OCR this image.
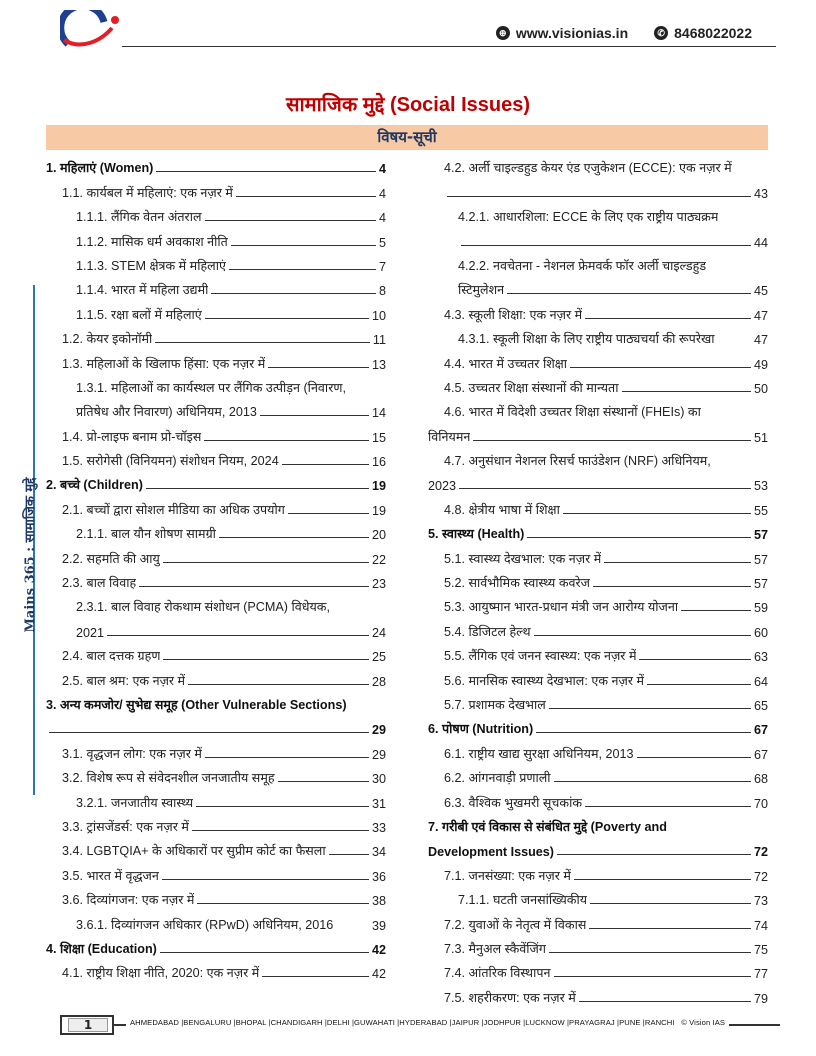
⊕ www.visionias.in	✆ 8468022022
सामाजिक मुद्दे (Social Issues)
विषय-सूची
Mains 365 : सामाजिक मुद्दे
1. महिलाएं (Women)	4
1.1. कार्यबल में महिलाएं: एक नज़र में	4
1.1.1. लैंगिक वेतन अंतराल	4
1.1.2. मासिक धर्म अवकाश नीति	5
1.1.3. STEM क्षेत्रक में महिलाएं	7
1.1.4. भारत में महिला उद्यमी	8
1.1.5. रक्षा बलों में महिलाएं	10
1.2. केयर इकोनॉमी	11
1.3. महिलाओं के खिलाफ हिंसा: एक नज़र में	13
1.3.1. महिलाओं का कार्यस्थल पर लैंगिक उत्पीड़न (निवारण,
प्रतिषेध और निवारण) अधिनियम, 2013	14
1.4. प्रो-लाइफ बनाम प्रो-चॉइस	15
1.5. सरोगेसी (विनियमन) संशोधन नियम, 2024	16
2. बच्चे (Children)	19
2.1. बच्चों द्वारा सोशल मीडिया का अधिक उपयोग	19
2.1.1. बाल यौन शोषण सामग्री	20
2.2. सहमति की आयु	22
2.3. बाल विवाह	23
2.3.1. बाल विवाह रोकथाम संशोधन (PCMA) विधेयक,
2021	24
2.4. बाल दत्तक ग्रहण	25
2.5. बाल श्रम: एक नज़र में	28
3. अन्य कमजोर/ सुभेद्य समूह (Other Vulnerable Sections)
29
3.1. वृद्धजन लोग: एक नज़र में	29
3.2. विशेष रूप से संवेदनशील जनजातीय समूह	30
3.2.1. जनजातीय स्वास्थ्य	31
3.3. ट्रांसजेंडर्स: एक नज़र में	33
3.4. LGBTQIA+ के अधिकारों पर सुप्रीम कोर्ट का फैसला	34
3.5. भारत में वृद्धजन	36
3.6. दिव्यांगजन: एक नज़र में	38
3.6.1. दिव्यांगजन अधिकार (RPwD) अधिनियम, 2016	39
4. शिक्षा (Education)	42
4.1. राष्ट्रीय शिक्षा नीति, 2020: एक नज़र में	42
4.2. अर्ली चाइल्डहुड केयर एंड एजुकेशन (ECCE): एक नज़र में
43
4.2.1. आधारशिला: ECCE के लिए एक राष्ट्रीय पाठ्यक्रम
44
4.2.2. नवचेतना - नेशनल फ्रेमवर्क फॉर अर्ली चाइल्डहुड
स्टिमुलेशन	45
4.3. स्कूली शिक्षा: एक नज़र में	47
4.3.1. स्कूली शिक्षा के लिए राष्ट्रीय पाठ्यचर्या की रूपरेखा	47
4.4. भारत में उच्चतर शिक्षा	49
4.5. उच्चतर शिक्षा संस्थानों की मान्यता	50
4.6. भारत में विदेशी उच्चतर शिक्षा संस्थानों (FHEIs) का
विनियमन	51
4.7. अनुसंधान नेशनल रिसर्च फाउंडेशन (NRF) अधिनियम,
2023	53
4.8. क्षेत्रीय भाषा में शिक्षा	55
5. स्वास्थ्य (Health)	57
5.1. स्वास्थ्य देखभाल: एक नज़र में	57
5.2. सार्वभौमिक स्वास्थ्य कवरेज	57
5.3. आयुष्मान भारत-प्रधान मंत्री जन आरोग्य योजना	59
5.4. डिजिटल हेल्थ	60
5.5. लैंगिक एवं जनन स्वास्थ्य: एक नज़र में	63
5.6. मानसिक स्वास्थ्य देखभाल: एक नज़र में	64
5.7. प्रशामक देखभाल	65
6. पोषण (Nutrition)	67
6.1. राष्ट्रीय खाद्य सुरक्षा अधिनियम, 2013	67
6.2. आंगनवाड़ी प्रणाली	68
6.3. वैश्विक भुखमरी सूचकांक	70
7. गरीबी एवं विकास से संबंधित मुद्दे (Poverty and
Development Issues)	72
7.1. जनसंख्या: एक नज़र में	72
7.1.1. घटती जनसांख्यिकीय	73
7.2. युवाओं के नेतृत्व में विकास	74
7.3. मैनुअल स्कैवेंजिंग	75
7.4. आंतरिक विस्थापन	77
7.5. शहरीकरण: एक नज़र में	79
1	AHMEDABAD |BENGALURU |BHOPAL |CHANDIGARH |DELHI |GUWAHATI |HYDERABAD |JAIPUR |JODHPUR |LUCKNOW |PRAYAGRAJ |PUNE |RANCHI © Vision IAS
